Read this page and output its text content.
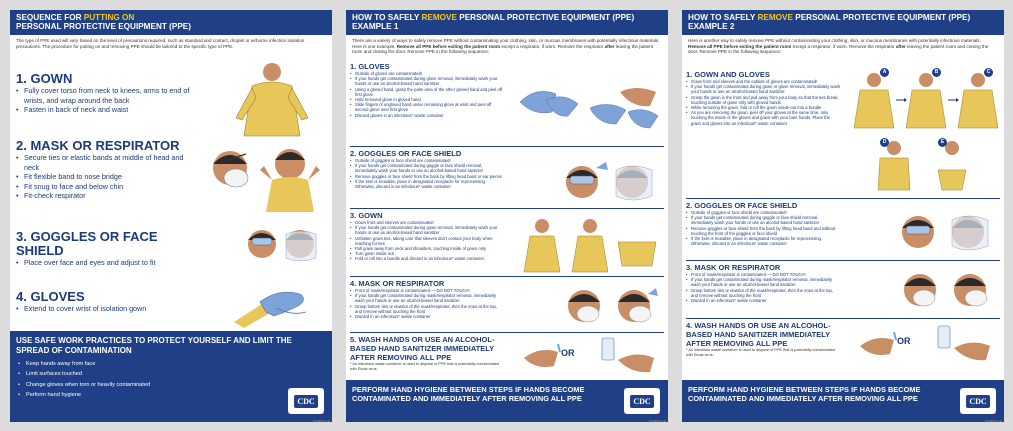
SEQUENCE FOR PUTTING ON
PERSONAL PROTECTIVE EQUIPMENT (PPE)
The type of PPE used will vary based on the level of precautions required, such as standard and contact, droplet or airborne infection isolation precautions. The procedure for putting on and removing PPE should be tailored to the specific type of PPE.
1. GOWN
• Fully cover torso from neck to knees, arms to end of wrists, and wrap around the back
• Fasten in back of neck and waist
2. MASK OR RESPIRATOR
• Secure ties or elastic bands at middle of head and neck
• Fit flexible band to nose bridge
• Fit snug to face and below chin
• Fit-check respirator
3. GOGGLES OR FACE SHIELD
• Place over face and eyes and adjust to fit
4. GLOVES
• Extend to cover wrist of isolation gown
USE SAFE WORK PRACTICES TO PROTECT YOURSELF AND LIMIT THE SPREAD OF CONTAMINATION
• Keep hands away from face
• Limit surfaces touched
• Change gloves when torn or heavily contaminated
• Perform hand hygiene
CDC
CS250672-E
HOW TO SAFELY REMOVE PERSONAL PROTECTIVE EQUIPMENT (PPE)
EXAMPLE 1
There are a variety of ways to safely remove PPE without contaminating your clothing, skin, or mucous membranes with potentially infectious materials. Here is one example. Remove all PPE before exiting the patient room except a respirator, if worn. Remove the respirator after leaving the patient room and closing the door. Remove PPE in the following sequence:
1. GLOVES
• Outside of gloves are contaminated!
• If your hands get contaminated during glove removal, immediately wash your hands or use an alcohol-based hand sanitizer
• Using a gloved hand, grasp the palm area of the other gloved hand and peel off first glove
• Hold removed glove in gloved hand
• Slide fingers of ungloved hand under remaining glove at wrist and peel off second glove over first glove
• Discard gloves in an infectious* waste container
2. GOGGLES OR FACE SHIELD
• Outside of goggles or face shield are contaminated!
• If your hands get contaminated during goggle or face shield removal, immediately wash your hands or use an alcohol-based hand sanitizer
• Remove goggles or face shield from the back by lifting head band or ear pieces
• If the item is reusable, place in designated receptacle for reprocessing. Otherwise, discard in an infectious* waste container
3. GOWN
• Gown front and sleeves are contaminated!
• If your hands get contaminated during gown removal, immediately wash your hands or use an alcohol-based hand sanitizer
• Unfasten gown ties, taking care that sleeves don't contact your body when reaching for ties
• Pull gown away from neck and shoulders, touching inside of gown only
• Turn gown inside out
• Fold or roll into a bundle and discard in an infectious* waste container
4. MASK OR RESPIRATOR
• Front of mask/respirator is contaminated — DO NOT TOUCH!
• If your hands get contaminated during mask/respirator removal, immediately wash your hands or use an alcohol-based hand sanitizer
• Grasp bottom ties or elastics of the mask/respirator, then the ones at the top, and remove without touching the front
• Discard in an infectious* waste container
5. WASH HANDS OR USE AN ALCOHOL-BASED HAND SANITIZER IMMEDIATELY AFTER REMOVING ALL PPE
* An infectious waste container is used to dispose of PPE that is potentially contaminated with Ebola virus.
OR
PERFORM HAND HYGIENE BETWEEN STEPS IF HANDS BECOME CONTAMINATED AND IMMEDIATELY AFTER REMOVING ALL PPE	CDC
CS250672-E
HOW TO SAFELY REMOVE PERSONAL PROTECTIVE EQUIPMENT (PPE)
EXAMPLE 2
Here is another way to safely remove PPE without contaminating your clothing, skin, or mucous membranes with potentially infectious materials. Remove all PPE before exiting the patient room except a respirator, if worn. Remove the respirator after leaving the patient room and closing the door. Remove PPE in the following sequence:
1. GOWN AND GLOVES
• Gown front and sleeves and the outside of gloves are contaminated!
• If your hands get contaminated during gown or glove removal, immediately wash your hands or use an alcohol-based hand sanitizer
• Grasp the gown in the front and pull away from your body so that the ties break, touching outside of gown only with gloved hands
• While removing the gown, fold or roll the gown inside-out into a bundle
• As you are removing the gown, peel off your gloves at the same time, only touching the inside of the gloves and gown with your bare hands. Place the gown and gloves into an infectious* waste container
A	B	C
D	E
2. GOGGLES OR FACE SHIELD
• Outside of goggles or face shield are contaminated!
• If your hands get contaminated during goggle or face shield removal, immediately wash your hands or use an alcohol-based hand sanitizer
• Remove goggles or face shield from the back by lifting head band and without touching the front of the goggles or face shield
• If the item is reusable, place in designated receptacle for reprocessing. Otherwise, discard in an infectious* waste container
3. MASK OR RESPIRATOR
• Front of mask/respirator is contaminated — DO NOT TOUCH!
• If your hands get contaminated during mask/respirator removal, immediately wash your hands or use an alcohol-based hand sanitizer
• Grasp bottom ties or elastics of the mask/respirator, then the ones at the top, and remove without touching the front
• Discard in an infectious* waste container
4. WASH HANDS OR USE AN ALCOHOL-BASED HAND SANITIZER IMMEDIATELY AFTER REMOVING ALL PPE
* An infectious waste container is used to dispose of PPE that is potentially contaminated with Ebola virus.
OR
PERFORM HAND HYGIENE BETWEEN STEPS IF HANDS BECOME CONTAMINATED AND IMMEDIATELY AFTER REMOVING ALL PPE	CDC
CS250672-E
